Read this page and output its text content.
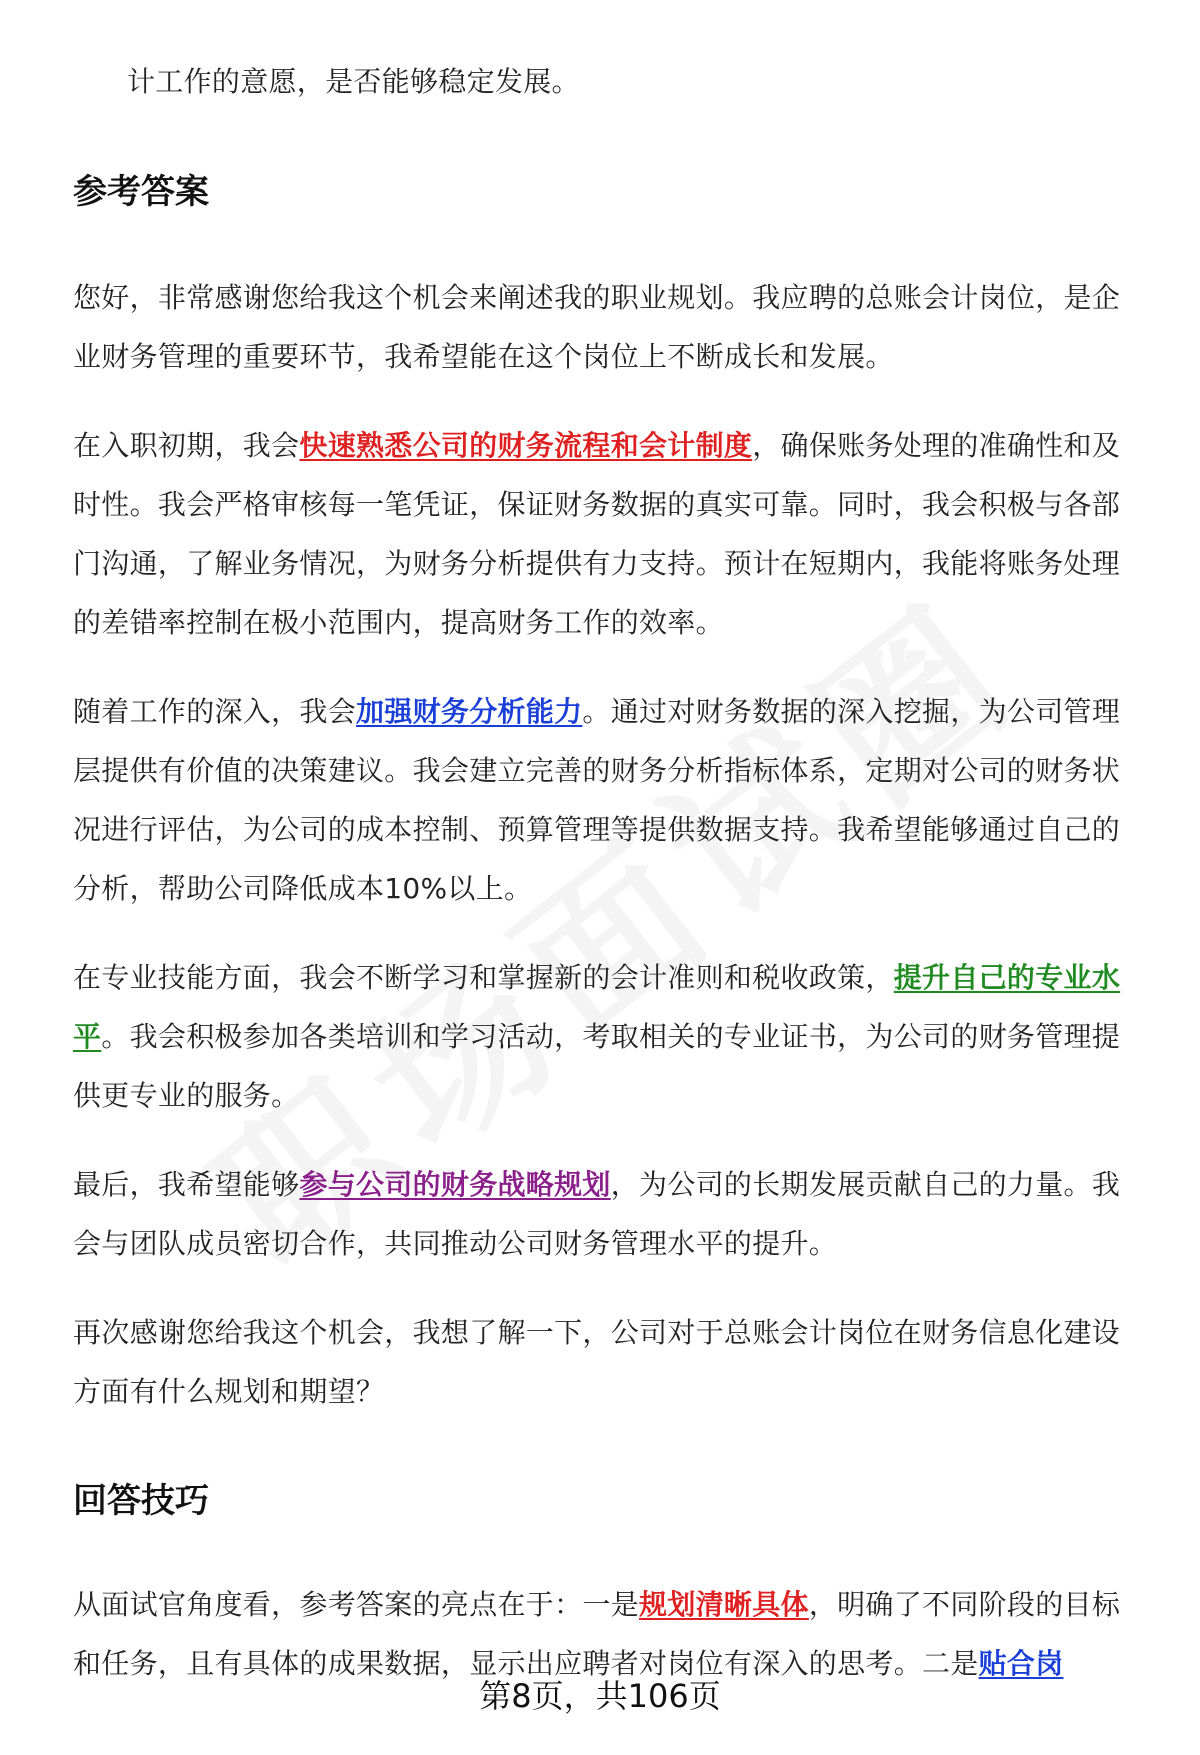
计工作的意愿，是否能够稳定发展。

参考答案

您好，非常感谢您给我这个机会来阐述我的职业规划。我应聘的总账会计岗位，是企业财务管理的重要环节，我希望能在这个岗位上不断成长和发展。

在入职初期，我会快速熟悉公司的财务流程和会计制度，确保账务处理的准确性和及时性。我会严格审核每一笔凭证，保证财务数据的真实可靠。同时，我会积极与各部门沟通，了解业务情况，为财务分析提供有力支持。预计在短期内，我能将账务处理的差错率控制在极小范围内，提高财务工作的效率。

随着工作的深入，我会加强财务分析能力。通过对财务数据的深入挖掘，为公司管理层提供有价值的决策建议。我会建立完善的财务分析指标体系，定期对公司的财务状况进行评估，为公司的成本控制、预算管理等提供数据支持。我希望能够通过自己的分析，帮助公司降低成本10%以上。

在专业技能方面，我会不断学习和掌握新的会计准则和税收政策，提升自己的专业水平。我会积极参加各类培训和学习活动，考取相关的专业证书，为公司的财务管理提供更专业的服务。

最后，我希望能够参与公司的财务战略规划，为公司的长期发展贡献自己的力量。我会与团队成员密切合作，共同推动公司财务管理水平的提升。

再次感谢您给我这个机会，我想了解一下，公司对于总账会计岗位在财务信息化建设方面有什么规划和期望？

回答技巧

从面试官角度看，参考答案的亮点在于：一是规划清晰具体，明确了不同阶段的目标和任务，且有具体的成果数据，显示出应聘者对岗位有深入的思考。二是贴合岗

第8页，共106页
